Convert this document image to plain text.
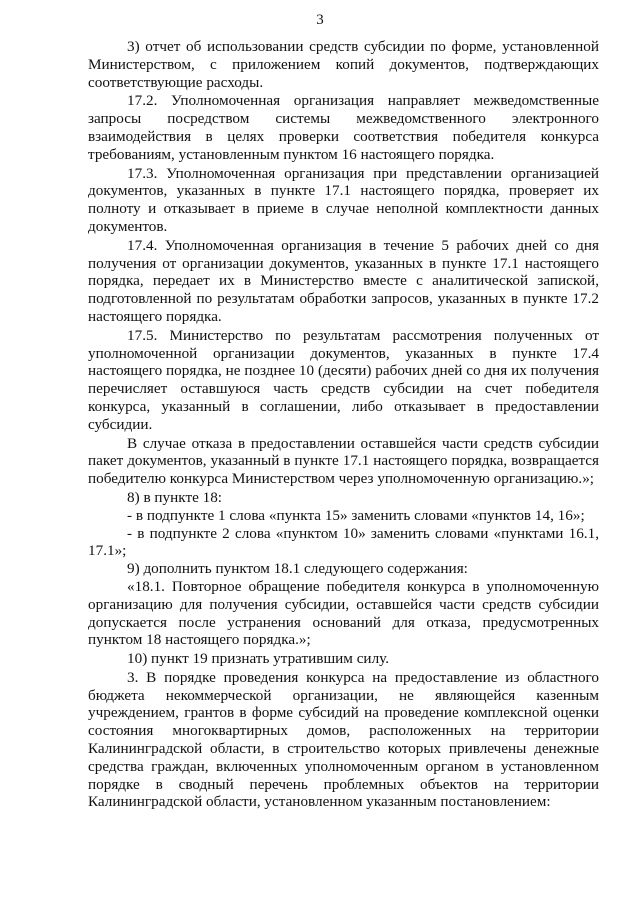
3

3) отчет об использовании средств субсидии по форме, установленной Министерством, с приложением копий документов, подтверждающих соответствующие расходы.

17.2. Уполномоченная организация направляет межведомственные запросы посредством системы межведомственного электронного взаимодействия в целях проверки соответствия победителя конкурса требованиям, установленным пунктом 16 настоящего порядка.

17.3. Уполномоченная организация при представлении организацией документов, указанных в пункте 17.1 настоящего порядка, проверяет их полноту и отказывает в приеме в случае неполной комплектности данных документов.

17.4. Уполномоченная организация в течение 5 рабочих дней со дня получения от организации документов, указанных в пункте 17.1 настоящего порядка, передает их в Министерство вместе с аналитической запиской, подготовленной по результатам обработки запросов, указанных в пункте 17.2 настоящего порядка.

17.5. Министерство по результатам рассмотрения полученных от уполномоченной организации документов, указанных в пункте 17.4 настоящего порядка, не позднее 10 (десяти) рабочих дней со дня их получения перечисляет оставшуюся часть средств субсидии на счет победителя конкурса, указанный в соглашении, либо отказывает в предоставлении субсидии.

В случае отказа в предоставлении оставшейся части средств субсидии пакет документов, указанный в пункте 17.1 настоящего порядка, возвращается победителю конкурса Министерством через уполномоченную организацию.»;

8) в пункте 18:

- в подпункте 1 слова «пункта 15» заменить словами «пунктов 14, 16»;

- в подпункте 2 слова «пунктом 10» заменить словами «пунктами 16.1, 17.1»;

9) дополнить пунктом 18.1 следующего содержания:

«18.1. Повторное обращение победителя конкурса в уполномоченную организацию для получения субсидии, оставшейся части средств субсидии допускается после устранения оснований для отказа, предусмотренных пунктом 18 настоящего порядка.»;

10) пункт 19 признать утратившим силу.

3. В порядке проведения конкурса на предоставление из областного бюджета некоммерческой организации, не являющейся казенным учреждением, грантов в форме субсидий на проведение комплексной оценки состояния многоквартирных домов, расположенных на территории Калининградской области, в строительство которых привлечены денежные средства граждан, включенных уполномоченным органом в установленном порядке в сводный перечень проблемных объектов на территории Калининградской области, установленном указанным постановлением:
